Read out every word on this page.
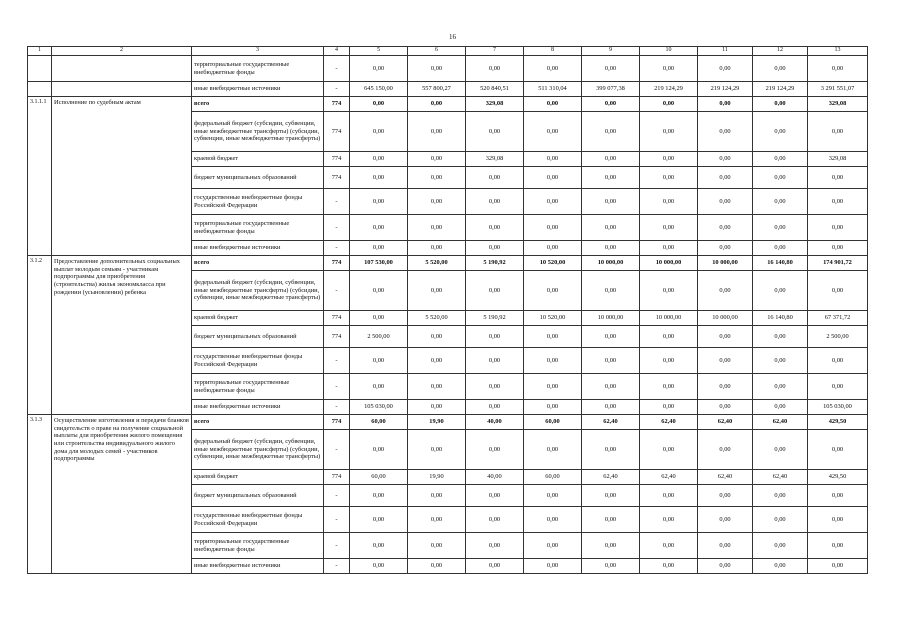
16
1	2	3	4	5	6	7	8	9	10	11	12	13
		территориальные государственные внебюджетные фонды	-	0,00	0,00	0,00	0,00	0,00	0,00	0,00	0,00	0,00
		иные внебюджетные источники	-	645 150,00	557 800,27	520 840,51	511 310,04	399 077,38	219 124,29	219 124,29	219 124,29	3 291 551,07
3.1.1.1	Исполнение по судебным актам	всего	774	0,00	0,00	329,08	0,00	0,00	0,00	0,00	0,00	329,08
		федеральный бюджет (субсидии, субвенции, иные межбюджетные трансферты) (субсидии, субвенции, иные межбюджетные трансферты)	774	0,00	0,00	0,00	0,00	0,00	0,00	0,00	0,00	0,00
		краевой бюджет	774	0,00	0,00	329,08	0,00	0,00	0,00	0,00	0,00	329,08
		бюджет муниципальных образований	774	0,00	0,00	0,00	0,00	0,00	0,00	0,00	0,00	0,00
		государственные внебюджетные фонды Российской Федерации	-	0,00	0,00	0,00	0,00	0,00	0,00	0,00	0,00	0,00
		территориальные государственные внебюджетные фонды	-	0,00	0,00	0,00	0,00	0,00	0,00	0,00	0,00	0,00
		иные внебюджетные источники	-	0,00	0,00	0,00	0,00	0,00	0,00	0,00	0,00	0,00
3.1.2	Предоставление дополнительных социальных выплат молодым семьям - участникам подпрограммы для приобретения (строительства) жилья экономкласса при рождении (усыновлении) ребенка	всего	774	107 530,00	5 520,00	5 190,92	10 520,00	10 000,00	10 000,00	10 000,00	16 140,80	174 901,72
		федеральный бюджет (субсидии, субвенции, иные межбюджетные трансферты) (субсидии, субвенции, иные межбюджетные трансферты)	-	0,00	0,00	0,00	0,00	0,00	0,00	0,00	0,00	0,00
		краевой бюджет	774	0,00	5 520,00	5 190,92	10 520,00	10 000,00	10 000,00	10 000,00	16 140,80	67 371,72
		бюджет муниципальных образований	774	2 500,00	0,00	0,00	0,00	0,00	0,00	0,00	0,00	2 500,00
		государственные внебюджетные фонды Российской Федерации	-	0,00	0,00	0,00	0,00	0,00	0,00	0,00	0,00	0,00
		территориальные государственные внебюджетные фонды	-	0,00	0,00	0,00	0,00	0,00	0,00	0,00	0,00	0,00
		иные внебюджетные источники	-	105 030,00	0,00	0,00	0,00	0,00	0,00	0,00	0,00	105 030,00
3.1.3	Осуществление изготовления и передачи бланков свидетельств о праве на получение социальной выплаты для приобретения жилого помещения или строительства индивидуального жилого дома для молодых семей - участников подпрограммы	всего	774	60,00	19,90	40,00	60,00	62,40	62,40	62,40	62,40	429,50
		федеральный бюджет (субсидии, субвенции, иные межбюджетные трансферты) (субсидии, субвенции, иные межбюджетные трансферты)	-	0,00	0,00	0,00	0,00	0,00	0,00	0,00	0,00	0,00
		краевой бюджет	774	60,00	19,90	40,00	60,00	62,40	62,40	62,40	62,40	429,50
		бюджет муниципальных образований	-	0,00	0,00	0,00	0,00	0,00	0,00	0,00	0,00	0,00
		государственные внебюджетные фонды Российской Федерации	-	0,00	0,00	0,00	0,00	0,00	0,00	0,00	0,00	0,00
		территориальные государственные внебюджетные фонды	-	0,00	0,00	0,00	0,00	0,00	0,00	0,00	0,00	0,00
		иные внебюджетные источники	-	0,00	0,00	0,00	0,00	0,00	0,00	0,00	0,00	0,00
